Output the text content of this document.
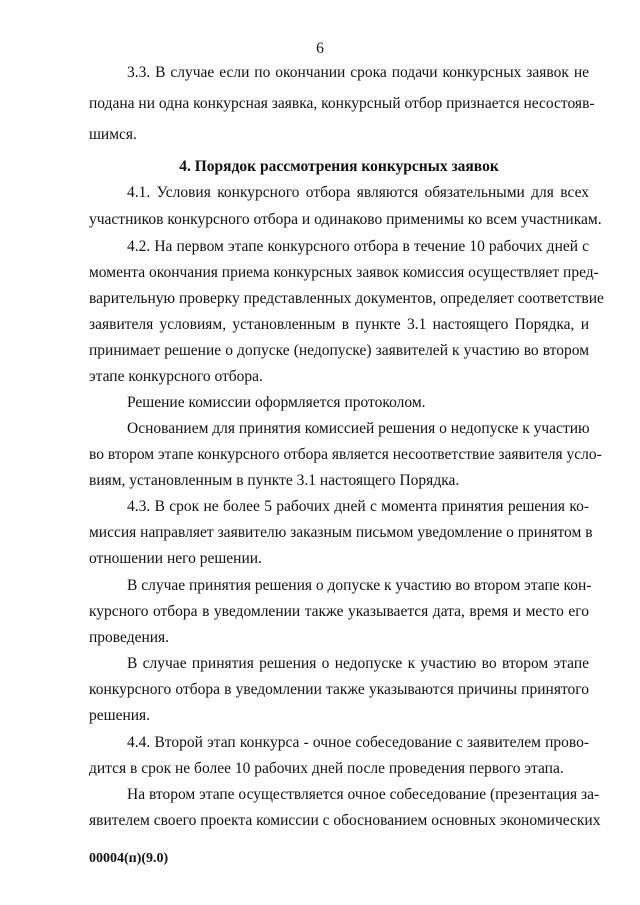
6
3.3. В случае если по окончании срока подачи конкурсных заявок не
подана ни одна конкурсная заявка, конкурсный отбор признается несостояв-
шимся.
4. Порядок рассмотрения конкурсных заявок
4.1. Условия конкурсного отбора являются обязательными для всех
участников конкурсного отбора и одинаково применимы ко всем участникам.
4.2. На первом этапе конкурсного отбора в течение 10 рабочих дней с
момента окончания приема конкурсных заявок комиссия осуществляет пред-
варительную проверку представленных документов, определяет соответствие
заявителя условиям, установленным в пункте 3.1 настоящего Порядка, и
принимает решение о допуске (недопуске) заявителей к участию во втором
этапе конкурсного отбора.
Решение комиссии оформляется протоколом.
Основанием для принятия комиссией решения о недопуске к участию
во втором этапе конкурсного отбора является несоответствие заявителя усло-
виям, установленным в пункте 3.1 настоящего Порядка.
4.3. В срок не более 5 рабочих дней с момента принятия решения ко-
миссия направляет заявителю заказным письмом уведомление о принятом в
отношении него решении.
В случае принятия решения о допуске к участию во втором этапе кон-
курсного отбора в уведомлении также указывается дата, время и место его
проведения.
В случае принятия решения о недопуске к участию во втором этапе
конкурсного отбора в уведомлении также указываются причины принятого
решения.
4.4. Второй этап конкурса - очное собеседование с заявителем прово-
дится в срок не более 10 рабочих дней после проведения первого этапа.
На втором этапе осуществляется очное собеседование (презентация за-
явителем своего проекта комиссии с обоснованием основных экономических
00004(п)(9.0)
